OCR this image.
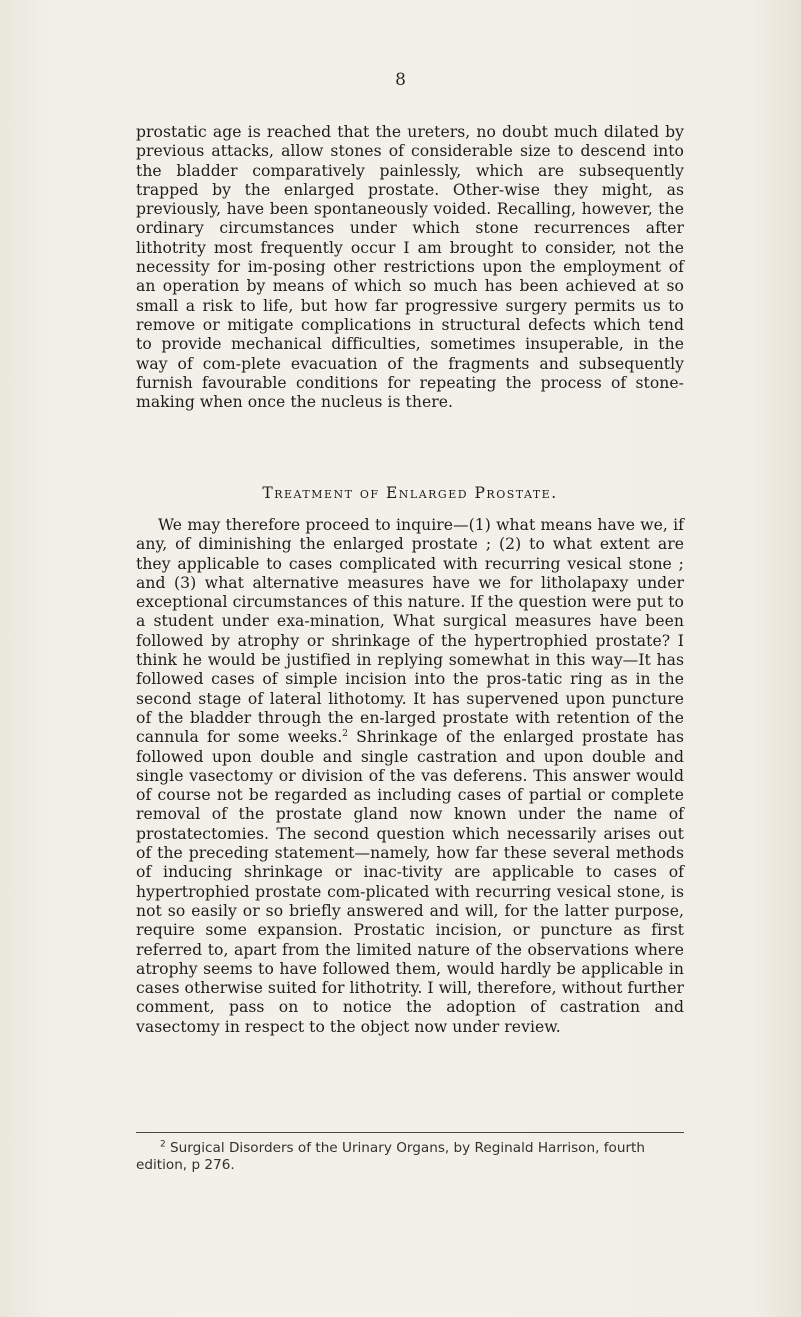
8

prostatic age is reached that the ureters, no doubt much dilated by previous attacks, allow stones of considerable size to descend into the bladder comparatively painlessly, which are subsequently trapped by the enlarged prostate. Other-wise they might, as previously, have been spontaneously voided. Recalling, however, the ordinary circumstances under which stone recurrences after lithotrity most frequently occur I am brought to consider, not the necessity for im-posing other restrictions upon the employment of an operation by means of which so much has been achieved at so small a risk to life, but how far progressive surgery permits us to remove or mitigate complications in structural defects which tend to provide mechanical difficulties, sometimes insuperable, in the way of com-plete evacuation of the fragments and subsequently furnish favourable conditions for repeating the process of stone-making when once the nucleus is there.

Treatment of Enlarged Prostate.

We may therefore proceed to inquire—(1) what means have we, if any, of diminishing the enlarged prostate ; (2) to what extent are they applicable to cases complicated with recurring vesical stone ; and (3) what alternative measures have we for litholapaxy under exceptional circumstances of this nature. If the question were put to a student under exa-mination, What surgical measures have been followed by atrophy or shrinkage of the hypertrophied prostate? I think he would be justified in replying somewhat in this way—It has followed cases of simple incision into the pros-tatic ring as in the second stage of lateral lithotomy. It has supervened upon puncture of the bladder through the en-larged prostate with retention of the cannula for some weeks.$^2$ Shrinkage of the enlarged prostate has followed upon double and single castration and upon double and single vasectomy or division of the vas deferens. This answer would of course not be regarded as including cases of partial or complete removal of the prostate gland now known under the name of prostatectomies. The second question which necessarily arises out of the preceding statement—namely, how far these several methods of inducing shrinkage or inac-tivity are applicable to cases of hypertrophied prostate com-plicated with recurring vesical stone, is not so easily or so briefly answered and will, for the latter purpose, require some expansion. Prostatic incision, or puncture as first referred to, apart from the limited nature of the observations where atrophy seems to have followed them, would hardly be applicable in cases otherwise suited for lithotrity. I will, therefore, without further comment, pass on to notice the adoption of castration and vasectomy in respect to the object now under review.

$^2$ Surgical Disorders of the Urinary Organs, by Reginald Harrison, fourth edition, p 276.
